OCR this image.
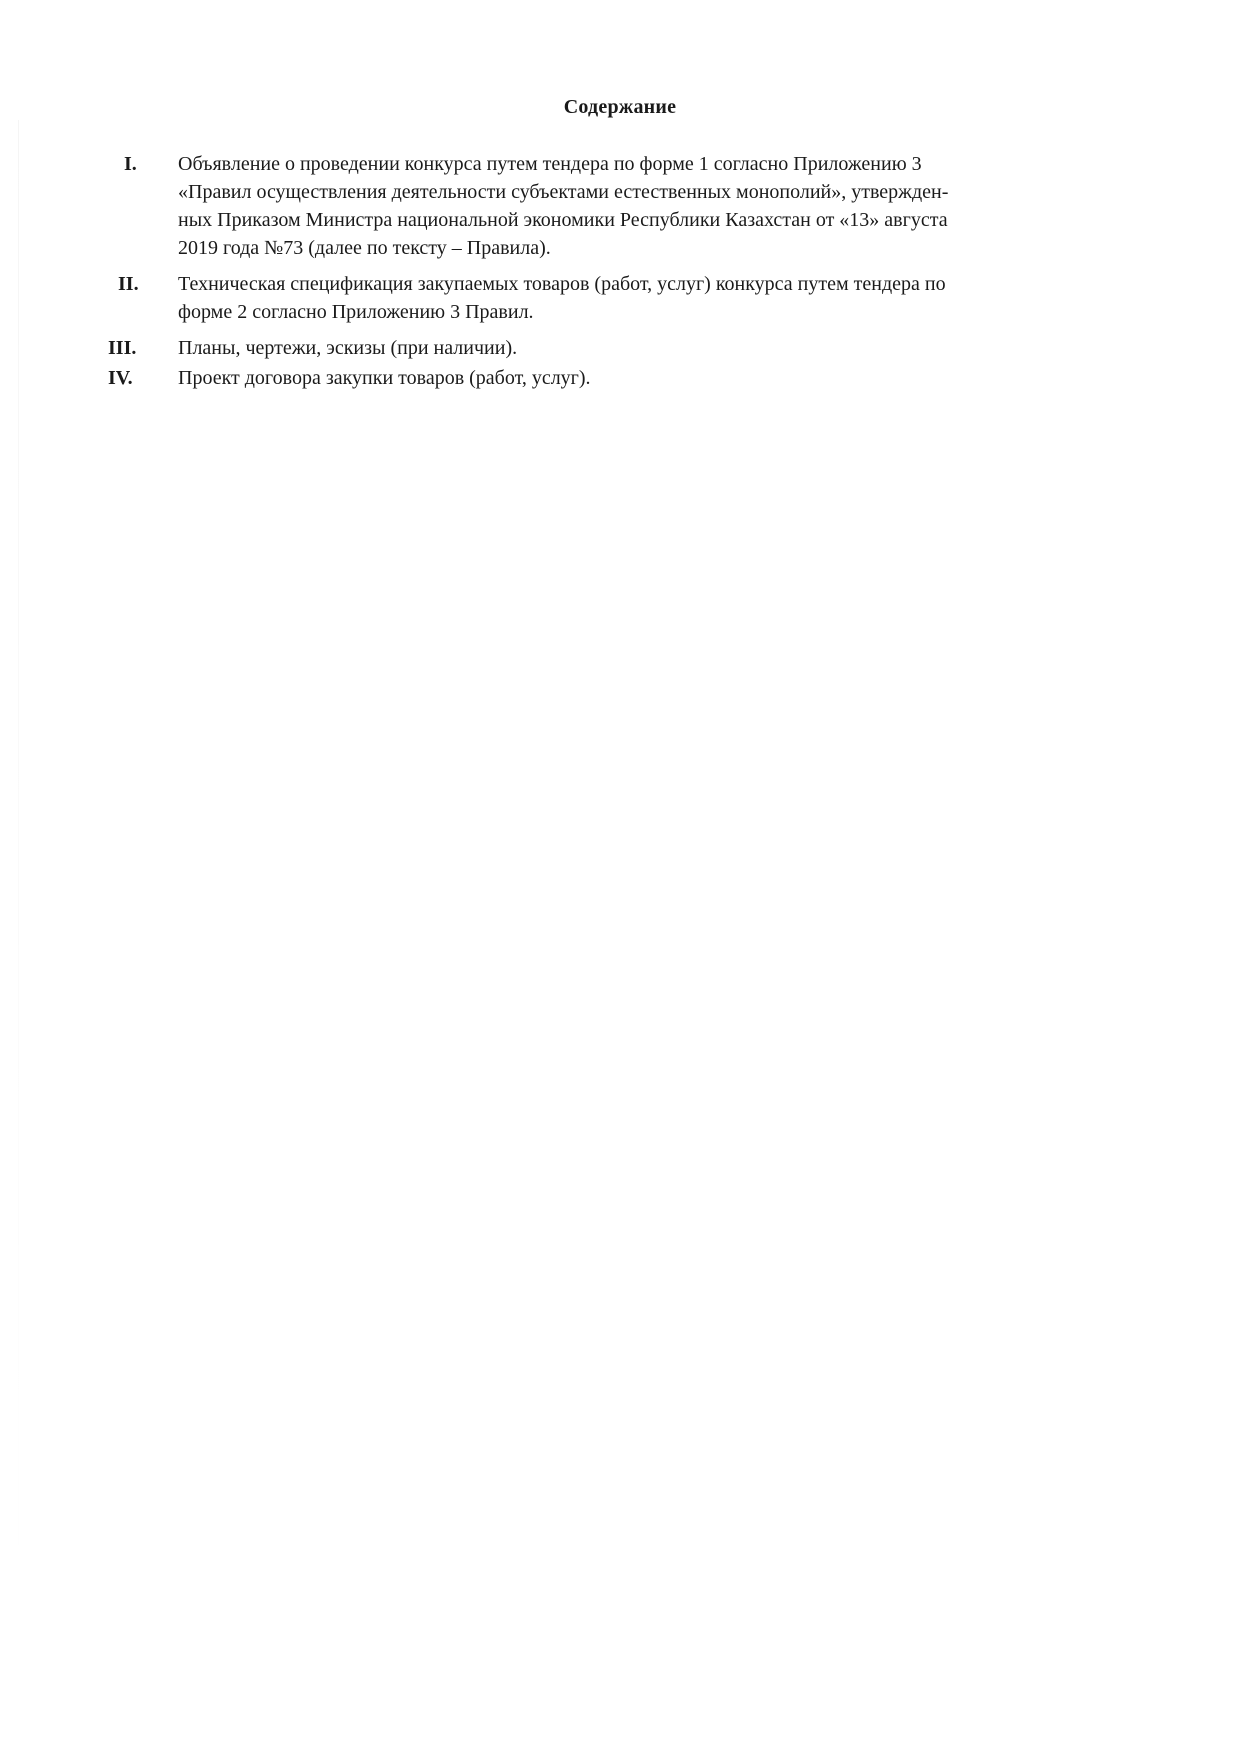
Содержание
I.	Объявление о проведении конкурса путем тендера по форме 1 согласно Приложению 3
«Правил осуществления деятельности субъектами естественных монополий», утвержден-
ных Приказом Министра национальной экономики Республики Казахстан от «13» августа
2019 года №73 (далее по тексту – Правила).
II.	Техническая спецификация закупаемых товаров (работ, услуг) конкурса путем тендера по
форме 2 согласно Приложению 3 Правил.
III.	Планы, чертежи, эскизы (при наличии).
IV.	Проект договора закупки товаров (работ, услуг).
